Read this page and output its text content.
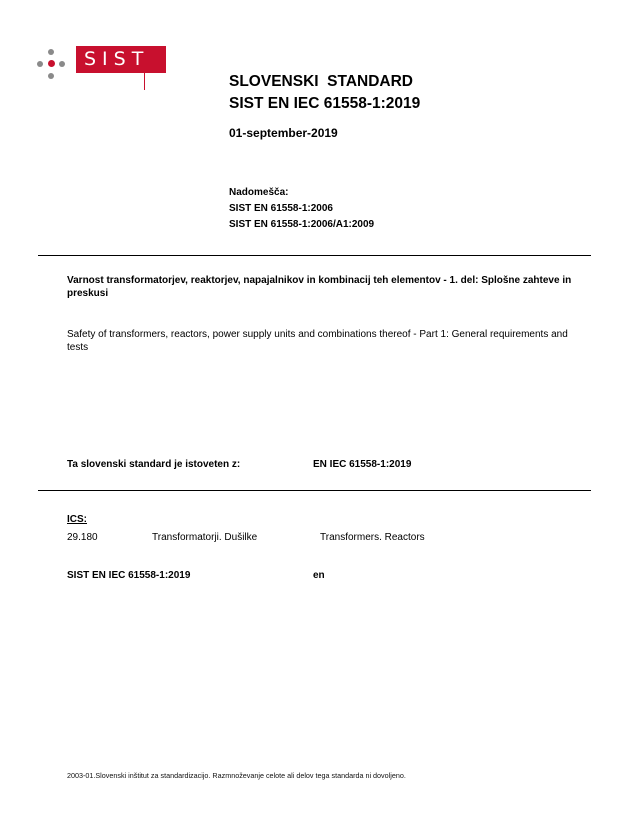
SIST
SLOVENSKI  STANDARD
SIST EN IEC 61558-1:2019
01-september-2019
Nadomešča:
SIST EN 61558-1:2006
SIST EN 61558-1:2006/A1:2009
Varnost transformatorjev, reaktorjev, napajalnikov in kombinacij teh elementov - 1. del: Splošne zahteve in preskusi
Safety of transformers, reactors, power supply units and combinations thereof - Part 1: General requirements and tests
Ta slovenski standard je istoveten z:	EN IEC 61558-1:2019
ICS:
29.180	Transformatorji. Dušilke	Transformers. Reactors
SIST EN IEC 61558-1:2019	en
2003-01.Slovenski inštitut za standardizacijo. Razmnoževanje celote ali delov tega standarda ni dovoljeno.
